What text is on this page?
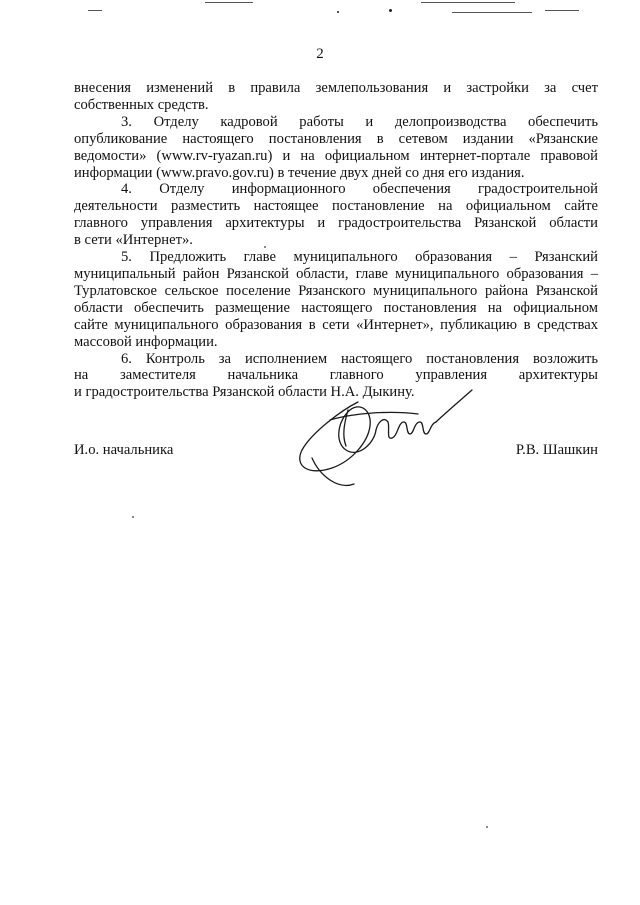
2

внесения изменений в правила землепользования и застройки за счет
собственных средств.

3. Отделу кадровой работы и делопроизводства обеспечить
опубликование настоящего постановления в сетевом издании «Рязанские
ведомости» (www.rv-ryazan.ru) и на официальном интернет-портале правовой
информации (www.pravo.gov.ru) в течение двух дней со дня его издания.

4. Отделу информационного обеспечения градостроительной
деятельности разместить настоящее постановление на официальном сайте
главного управления архитектуры и градостроительства Рязанской области
в сети «Интернет».

5. Предложить главе муниципального образования – Рязанский
муниципальный район Рязанской области, главе муниципального образования –
Турлатовское сельское поселение Рязанского муниципального района Рязанской
области обеспечить размещение настоящего постановления на официальном
сайте муниципального образования в сети «Интернет», публикацию в средствах
массовой информации.

6. Контроль за исполнением настоящего постановления возложить
на заместителя начальника главного управления архитектуры
и градостроительства Рязанской области Н.А. Дыкину.

И.о. начальника	Р.В. Шашкин
